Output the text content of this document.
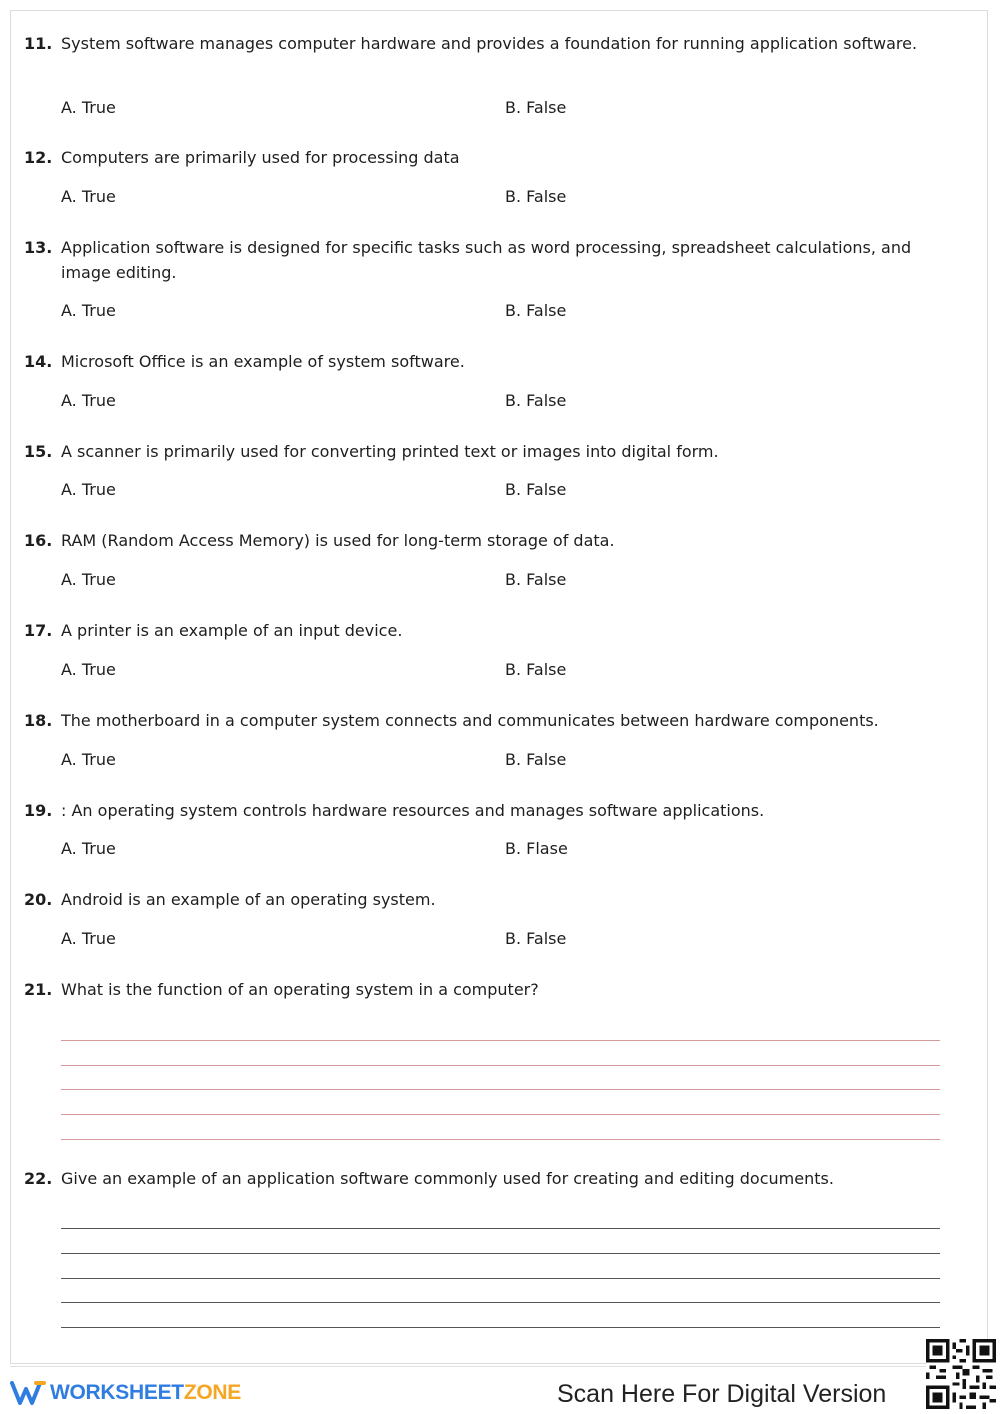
11. System software manages computer hardware and provides a foundation for running application software.
A. True	B. False
12. Computers are primarily used for processing data
A. True	B. False
13. Application software is designed for specific tasks such as word processing, spreadsheet calculations, and image editing.
A. True	B. False
14. Microsoft Office is an example of system software.
A. True	B. False
15. A scanner is primarily used for converting printed text or images into digital form.
A. True	B. False
16. RAM (Random Access Memory) is used for long-term storage of data.
A. True	B. False
17. A printer is an example of an input device.
A. True	B. False
18. The motherboard in a computer system connects and communicates between hardware components.
A. True	B. False
19. : An operating system controls hardware resources and manages software applications.
A. True	B. Flase
20. Android is an example of an operating system.
A. True	B. False
21. What is the function of an operating system in a computer?
22. Give an example of an application software commonly used for creating and editing documents.
WORKSHEETZONE	Scan Here For Digital Version
